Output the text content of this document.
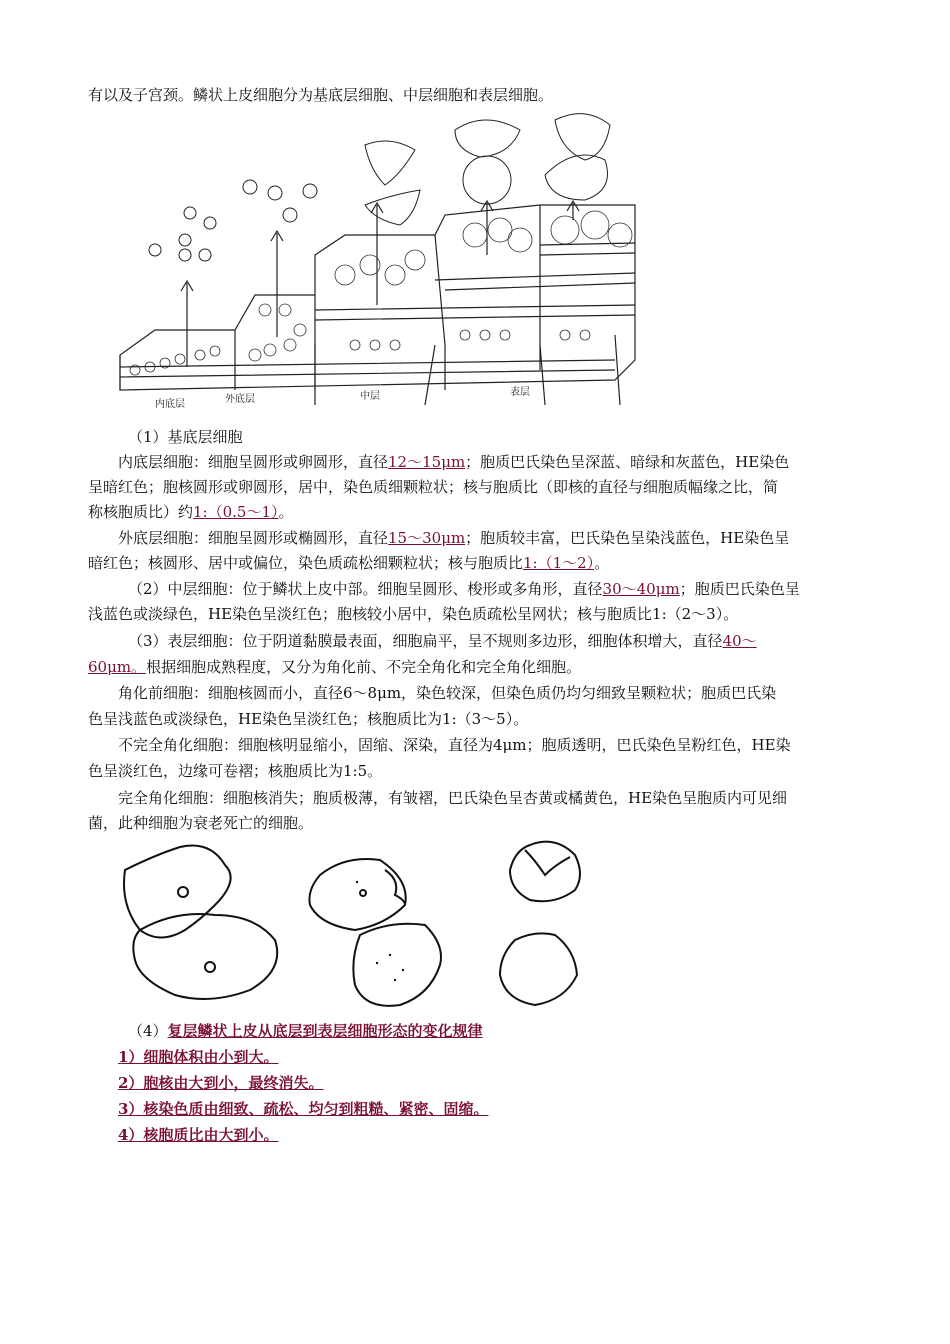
有以及子宫颈。鳞状上皮细胞分为基底层细胞、中层细胞和表层细胞。
内底层	外底层	中层	表层
（1）基底层细胞
内底层细胞：细胞呈圆形或卵圆形，直径12～15μm；胞质巴氏染色呈深蓝、暗绿和灰蓝色，HE染色
呈暗红色；胞核圆形或卵圆形，居中，染色质细颗粒状；核与胞质比（即核的直径与细胞质幅缘之比，简
称核胞质比）约1:（0.5～1）。
外底层细胞：细胞呈圆形或椭圆形，直径15～30μm；胞质较丰富，巴氏染色呈染浅蓝色，HE染色呈
暗红色；核圆形、居中或偏位，染色质疏松细颗粒状；核与胞质比1:（1～2）。
（2）中层细胞：位于鳞状上皮中部。细胞呈圆形、梭形或多角形，直径30～40μm；胞质巴氏染色呈
浅蓝色或淡绿色，HE染色呈淡红色；胞核较小居中，染色质疏松呈网状；核与胞质比1:（2～3）。
（3）表层细胞：位于阴道黏膜最表面，细胞扁平，呈不规则多边形，细胞体积增大，直径40～
60μm。根据细胞成熟程度，又分为角化前、不完全角化和完全角化细胞。
角化前细胞：细胞核圆而小，直径6～8μm，染色较深，但染色质仍均匀细致呈颗粒状；胞质巴氏染
色呈浅蓝色或淡绿色，HE染色呈淡红色；核胞质比为1:（3～5）。
不完全角化细胞：细胞核明显缩小，固缩、深染，直径为4μm；胞质透明，巴氏染色呈粉红色，HE染
色呈淡红色，边缘可卷褶；核胞质比为1:5。
完全角化细胞：细胞核消失；胞质极薄，有皱褶，巴氏染色呈杏黄或橘黄色，HE染色呈胞质内可见细
菌，此种细胞为衰老死亡的细胞。
（4）复层鳞状上皮从底层到表层细胞形态的变化规律
1）细胞体积由小到大。
2）胞核由大到小，最终消失。
3）核染色质由细致、疏松、均匀到粗糙、紧密、固缩。
4）核胞质比由大到小。
